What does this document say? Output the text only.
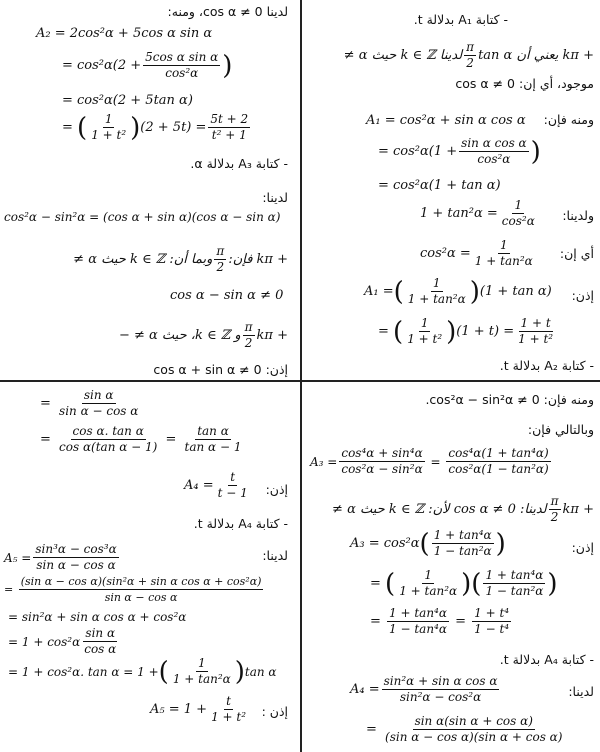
لدينا cos α ≠ 0، ومنه:
A₂ = 2cos²α + 5cos α sin α
= $\cos^2\alpha(2 + \frac{\text{5cos α sin α}}{\text{cos²α}}$ )
= cos²α(2 + 5tan α)
= ( $\frac{1}{\text{1 + t²}}$ ) $(2 + 5t) = \frac{5t + 2}{\text{t² + 1}}$
- كتابة A₃ بدلالة α.
لدينا:
cos²α − sin²α = (cos α + sin α)(cos α − sin α)
+ kπ فإن:
$\frac{\pi}{2}$
وبما أن: k ∈ ℤ حيث α ≠
cos α − sin α ≠ 0
+ kπ
$\frac{\pi}{2}$
و k ∈ ℤ، حيث α ≠ −
إذن: cos α + sin α ≠ 0
- كتابة A₁ بدلالة t.
+ kπ يعني أن tan α
$\frac{\pi}{2}$
لدينا k ∈ ℤ حيث α ≠
موجود، أي إن: cos α ≠ 0
ومنه فإن:
A₁ = cos²α + sin α cos α
= $\cos^2\alpha(1 + \frac{\text{sin α cos α}}{\text{cos²α}}$ )
= cos²α(1 + tan α)
ولدينا:
$1 + \tan^2\alpha = \frac{1}{\text{cos²α}}$
أي إن:
$\cos^2\alpha = \frac{1}{\text{1 + tan²α}}$
إذن:
A₁ = ( $\frac{1}{\text{1 + tan²α}}$ ) (1 + tan α)
= ( $\frac{1}{\text{1 + t²}}$ ) $(1 + t) = \frac{1 + t}{\text{1 + t²}}$
- كتابة A₂ بدلالة t.
= $\frac{\text{sin α}}{\text{sin α − cos α}}$
= $\frac{\text{cos α. tan α}}{\text{cos α(tan α − 1)}} = \frac{\text{tan α}}{\text{tan α − 1}}$
إذن:
$A_4 = \frac{t}{t - 1}$
- كتابة A₄ بدلالة t.
لدينا:
$A_5 = \frac{\text{sin³α − cos³α}}{\text{sin α − cos α}}$
= $\frac{\text{(sin α − cos α)(sin²α + sin α cos α + cos²α)}}{\text{sin α − cos α}}$
= sin²α + sin α cos α + cos²α
= $1 + \cos^2\alpha \frac{\text{sin α}}{\text{cos α}}$
= 1 + cos²α. tan α = 1 + ( $\frac{1}{\text{1 + tan²α}}$ ) tan α
إذن :
$A_5 = 1 + \frac{t}{\text{1 + t²}}$
ومنه فإن: cos²α − sin²α ≠ 0.
وبالتالي فإن:
$A_3 = \frac{\text{cos⁴α + sin⁴α}}{\text{cos²α − sin²α}} = \frac{\text{cos⁴α(1 + tan⁴α)}}{\text{cos²α(1 − tan²α)}}$
+ kπ
$\frac{\pi}{2}$
لدينا: cos α ≠ 0 لأن: k ∈ ℤ حيث α ≠
إذن:
A₃ = cos²α ( $\frac{\text{1 + tan⁴α}}{\text{1 − tan²α}}$ )
= ( $\frac{1}{\text{1 + tan²α}}$ ) ( $\frac{\text{1 + tan⁴α}}{\text{1 − tan²α}}$ )
= $\frac{\text{1 + tan⁴α}}{\text{1 − tan⁴α}} = \frac{\text{1 + t⁴}}{\text{1 − t⁴}}$
- كتابة A₄ بدلالة t.
لدينا:
$A_4 = \frac{\text{sin²α + sin α cos α}}{\text{sin²α − cos²α}}$
= $\frac{\text{sin α(sin α + cos α)}}{\text{(sin α − cos α)(sin α + cos α)}}$
